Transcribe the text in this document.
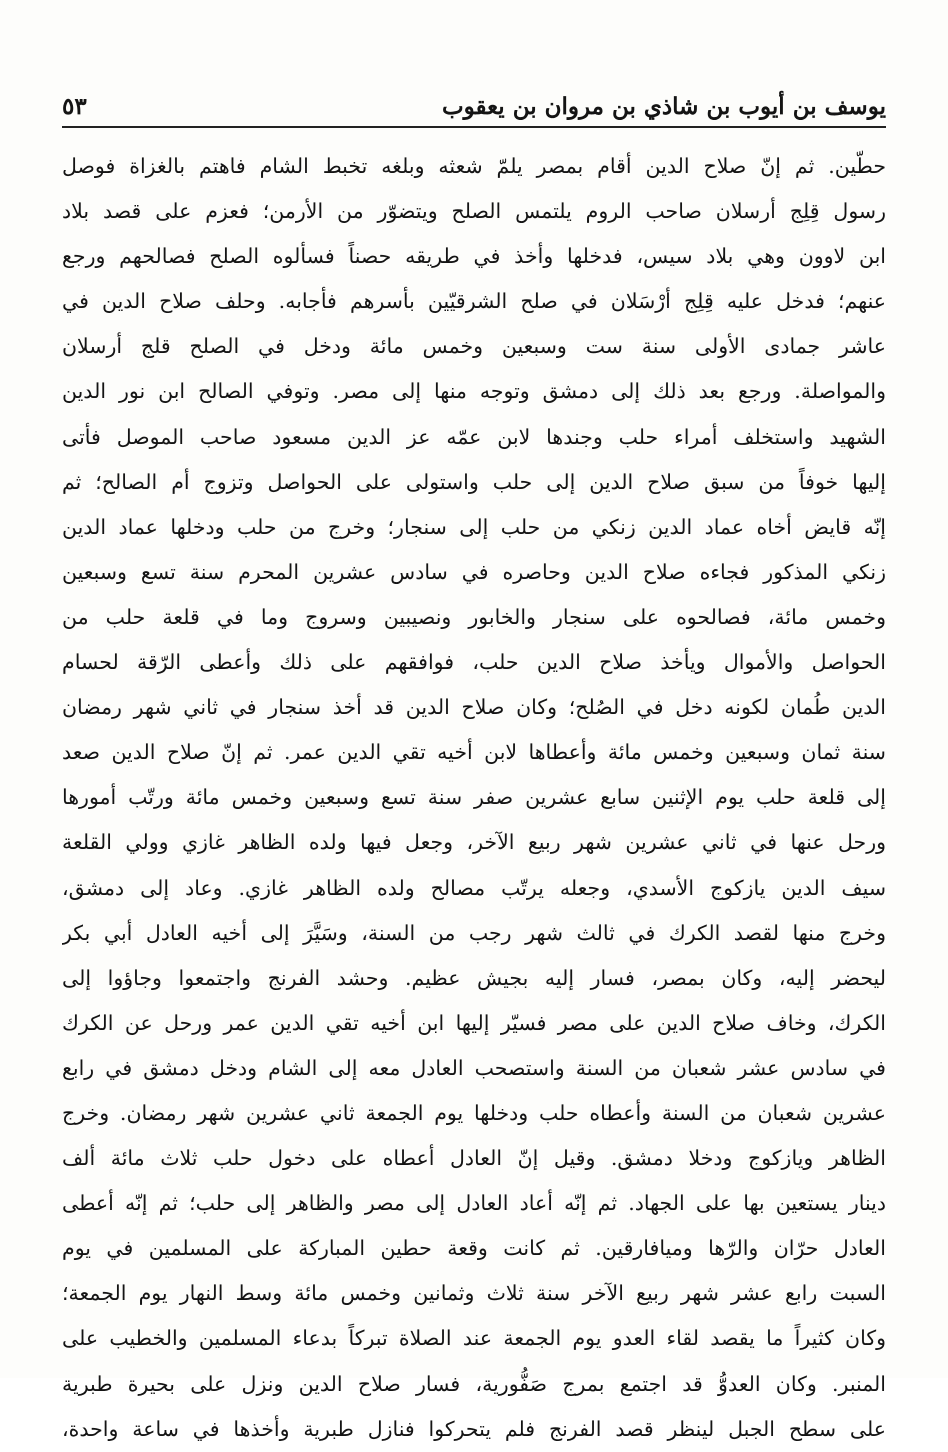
يوسف بن أيوب بن شاذي بن مروان بن يعقوب
٥٣
حطّين. ثم إنّ صلاح الدين أقام بمصر يلمّ شعثه وبلغه تخبط الشام فاهتم بالغزاة فوصل
رسول قِلِج أرسلان صاحب الروم يلتمس الصلح ويتضوّر من الأرمن؛ فعزم على قصد بلاد
ابن لاوون وهي بلاد سيس، فدخلها وأخذ في طريقه حصناً فسألوه الصلح فصالحهم ورجع
عنهم؛ فدخل عليه قِلِج أرْسَلان في صلح الشرقيّين بأسرهم فأجابه. وحلف صلاح الدين في
عاشر جمادى الأولى سنة ست وسبعين وخمس مائة ودخل في الصلح قلج أرسلان
والمواصلة. ورجع بعد ذلك إلى دمشق وتوجه منها إلى مصر. وتوفي الصالح ابن نور الدين
الشهيد واستخلف أمراء حلب وجندها لابن عمّه عز الدين مسعود صاحب الموصل فأتى
إليها خوفاً من سبق صلاح الدين إلى حلب واستولى على الحواصل وتزوج أم الصالح؛ ثم
إنّه قايض أخاه عماد الدين زنكي من حلب إلى سنجار؛ وخرج من حلب ودخلها عماد الدين
زنكي المذكور فجاءه صلاح الدين وحاصره في سادس عشرين المحرم سنة تسع وسبعين
وخمس مائة، فصالحوه على سنجار والخابور ونصيبين وسروج وما في قلعة حلب من
الحواصل والأموال ويأخذ صلاح الدين حلب، فوافقهم على ذلك وأعطى الرّقة لحسام
الدين طُمان لكونه دخل في الصُلح؛ وكان صلاح الدين قد أخذ سنجار في ثاني شهر رمضان
سنة ثمان وسبعين وخمس مائة وأعطاها لابن أخيه تقي الدين عمر. ثم إنّ صلاح الدين صعد
إلى قلعة حلب يوم الإثنين سابع عشرين صفر سنة تسع وسبعين وخمس مائة ورتّب أمورها
ورحل عنها في ثاني عشرين شهر ربيع الآخر، وجعل فيها ولده الظاهر غازي وولي القلعة
سيف الدين يازكوج الأسدي، وجعله يرتّب مصالح ولده الظاهر غازي. وعاد إلى دمشق،
وخرج منها لقصد الكرك في ثالث شهر رجب من السنة، وسَيَّرَ إلى أخيه العادل أبي بكر
ليحضر إليه، وكان بمصر، فسار إليه بجيش عظيم. وحشد الفرنج واجتمعوا وجاؤوا إلى
الكرك، وخاف صلاح الدين على مصر فسيّر إليها ابن أخيه تقي الدين عمر ورحل عن الكرك
في سادس عشر شعبان من السنة واستصحب العادل معه إلى الشام ودخل دمشق في رابع
عشرين شعبان من السنة وأعطاه حلب ودخلها يوم الجمعة ثاني عشرين شهر رمضان. وخرج
الظاهر ويازكوج ودخلا دمشق. وقيل إنّ العادل أعطاه على دخول حلب ثلاث مائة ألف
دينار يستعين بها على الجهاد. ثم إنّه أعاد العادل إلى مصر والظاهر إلى حلب؛ ثم إنّه أعطى
العادل حرّان والرّها وميافارقين. ثم كانت وقعة حطين المباركة على المسلمين في يوم
السبت رابع عشر شهر ربيع الآخر سنة ثلاث وثمانين وخمس مائة وسط النهار يوم الجمعة؛
وكان كثيراً ما يقصد لقاء العدو يوم الجمعة عند الصلاة تبركاً بدعاء المسلمين والخطيب على
المنبر. وكان العدوُّ قد اجتمع بمرج صَفُّورية، فسار صلاح الدين ونزل على بحيرة طبرية
على سطح الجبل لينظر قصد الفرنج فلم يتحركوا فنازل طبرية وأخذها في ساعة واحدة،
